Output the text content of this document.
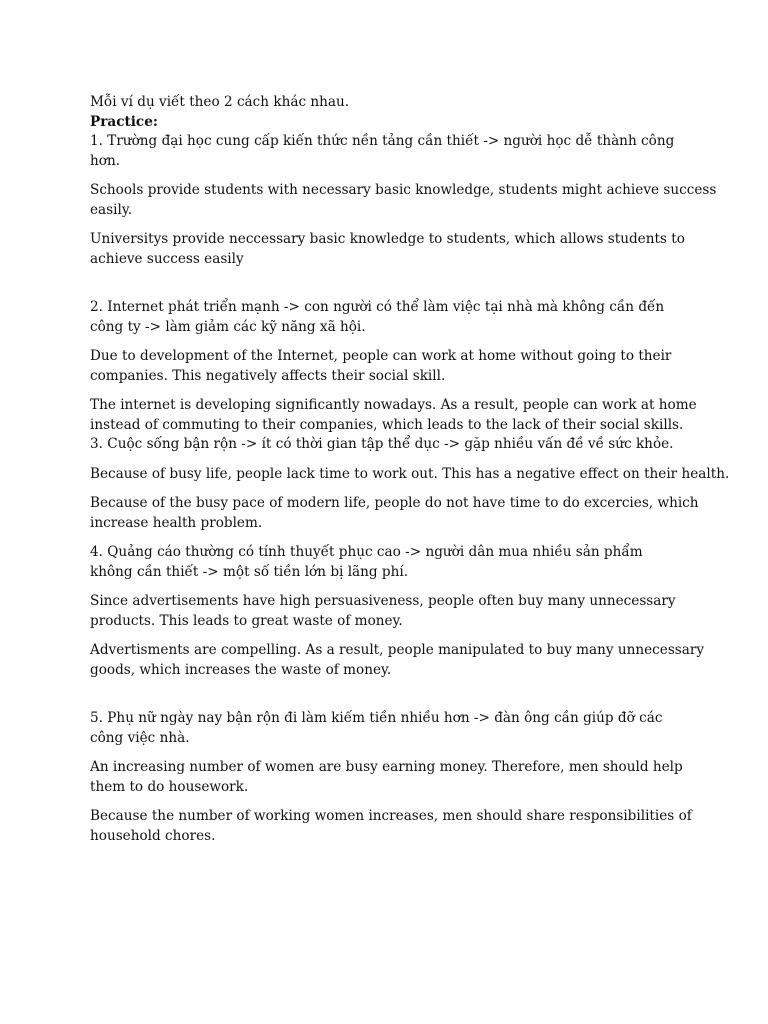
Mỗi ví dụ viết theo 2 cách khác nhau.
Practice:
1. Trường đại học cung cấp kiến thức nền tảng cần thiết -> người học dễ thành công
hơn.
Schools provide students with necessary basic knowledge, students might achieve success
easily.
Universitys provide neccessary basic knowledge to students, which allows students to
achieve success easily
2. Internet phát triển mạnh -> con người có thể làm việc tại nhà mà không cần đến
công ty -> làm giảm các kỹ năng xã hội.
Due to development of the Internet, people can work at home without going to their
companies. This negatively affects their social skill.
The internet is developing significantly nowadays. As a result, people can work at home
instead of commuting to their companies, which leads to the lack of their social skills.
3. Cuộc sống bận rộn -> ít có thời gian tập thể dục -> gặp nhiều vấn đề về sức khỏe.
Because of busy life, people lack time to work out. This has a negative effect on their health.
Because of the busy pace of modern life, people do not have time to do excercies, which
increase health problem.
4. Quảng cáo thường có tính thuyết phục cao -> người dân mua nhiều sản phẩm
không cần thiết -> một số tiền lớn bị lãng phí.
Since advertisements have high persuasiveness, people often buy many unnecessary
products. This leads to great waste of money.
Advertisments are compelling. As a result, people manipulated to buy many unnecessary
goods, which increases the waste of money.
5. Phụ nữ ngày nay bận rộn đi làm kiếm tiền nhiều hơn -> đàn ông cần giúp đỡ các
công việc nhà.
An increasing number of women are busy earning money. Therefore, men should help
them to do housework.
Because the number of working women increases, men should share responsibilities of
household chores.
